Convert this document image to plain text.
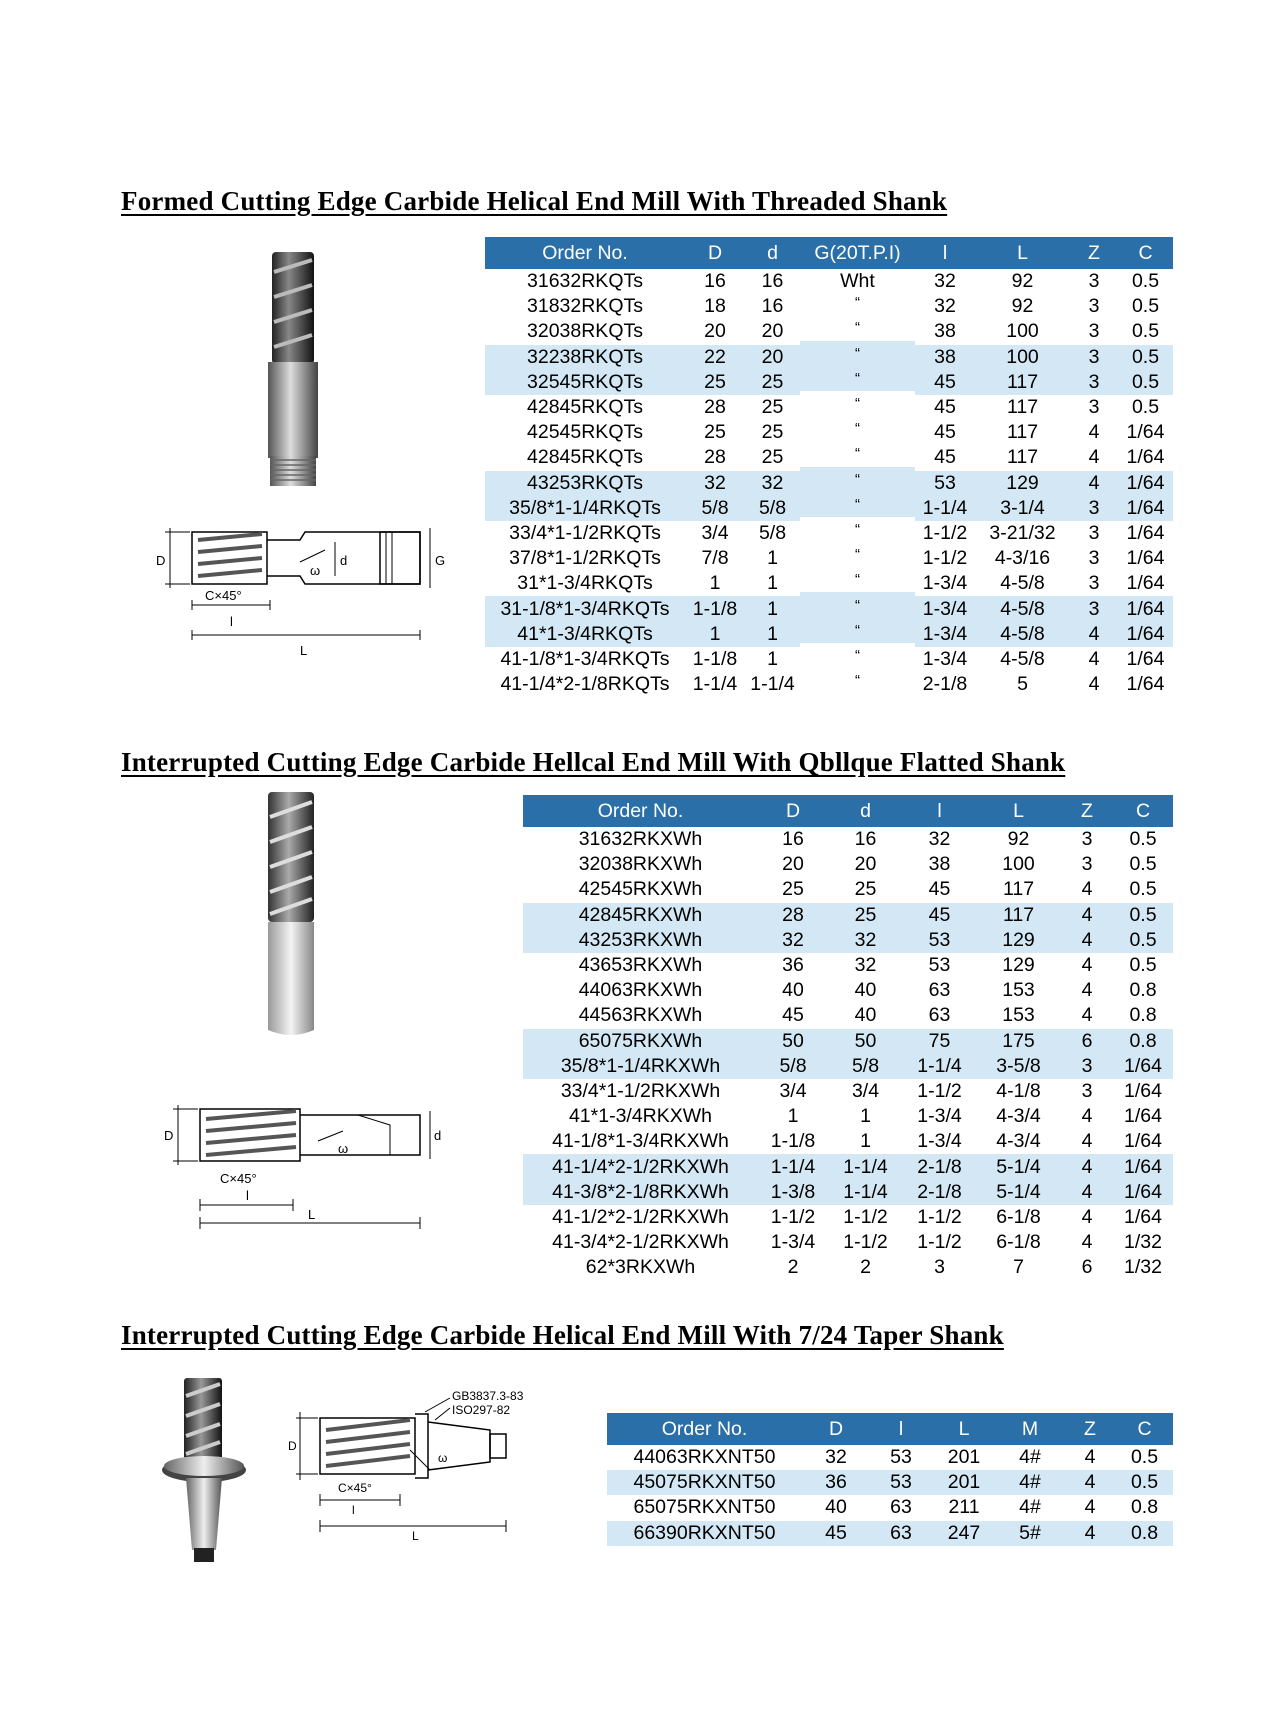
Formed Cutting Edge Carbide Helical End Mill With Threaded Shank
D	d	G
C×45°
l
L
ω
Order No.	D	d	G(20T.P.I)	l	L	Z	C
31632RKQTs	16	16	Wht	32	92	3	0.5
31832RKQTs	18	16	“	32	92	3	0.5
32038RKQTs	20	20	“	38	100	3	0.5
32238RKQTs	22	20	“	38	100	3	0.5
32545RKQTs	25	25	“	45	117	3	0.5
42845RKQTs	28	25	“	45	117	3	0.5
42545RKQTs	25	25	“	45	117	4	1/64
42845RKQTs	28	25	“	45	117	4	1/64
43253RKQTs	32	32	“	53	129	4	1/64
35/8*1-1/4RKQTs	5/8	5/8	“	1-1/4	3-1/4	3	1/64
33/4*1-1/2RKQTs	3/4	5/8	“	1-1/2	3-21/32	3	1/64
37/8*1-1/2RKQTs	7/8	1	“	1-1/2	4-3/16	3	1/64
31*1-3/4RKQTs	1	1	“	1-3/4	4-5/8	3	1/64
31-1/8*1-3/4RKQTs	1-1/8	1	“	1-3/4	4-5/8	3	1/64
41*1-3/4RKQTs	1	1	“	1-3/4	4-5/8	4	1/64
41-1/8*1-3/4RKQTs	1-1/8	1	“	1-3/4	4-5/8	4	1/64
41-1/4*2-1/8RKQTs	1-1/4	1-1/4	“	2-1/8	5	4	1/64
Interrupted Cutting Edge Carbide Hellcal End Mill With Qbllque Flatted Shank
D	d
C×45°
l
L
ω
Order No.	D	d	l	L	Z	C
31632RKXWh	16	16	32	92	3	0.5
32038RKXWh	20	20	38	100	3	0.5
42545RKXWh	25	25	45	117	4	0.5
42845RKXWh	28	25	45	117	4	0.5
43253RKXWh	32	32	53	129	4	0.5
43653RKXWh	36	32	53	129	4	0.5
44063RKXWh	40	40	63	153	4	0.8
44563RKXWh	45	40	63	153	4	0.8
65075RKXWh	50	50	75	175	6	0.8
35/8*1-1/4RKXWh	5/8	5/8	1-1/4	3-5/8	3	1/64
33/4*1-1/2RKXWh	3/4	3/4	1-1/2	4-1/8	3	1/64
41*1-3/4RKXWh	1	1	1-3/4	4-3/4	4	1/64
41-1/8*1-3/4RKXWh	1-1/8	1	1-3/4	4-3/4	4	1/64
41-1/4*2-1/2RKXWh	1-1/4	1-1/4	2-1/8	5-1/4	4	1/64
41-3/8*2-1/8RKXWh	1-3/8	1-1/4	2-1/8	5-1/4	4	1/64
41-1/2*2-1/2RKXWh	1-1/2	1-1/2	1-1/2	6-1/8	4	1/64
41-3/4*2-1/2RKXWh	1-3/4	1-1/2	1-1/2	6-1/8	4	1/32
62*3RKXWh	2	2	3	7	6	1/32
Interrupted Cutting Edge Carbide Helical End Mill With 7/24 Taper Shank
GB3837.3-83
ISO297-82
D
C×45°
l
L
ω
Order No.	D	l	L	M	Z	C
44063RKXNT50	32	53	201	4#	4	0.5
45075RKXNT50	36	53	201	4#	4	0.5
65075RKXNT50	40	63	211	4#	4	0.8
66390RKXNT50	45	63	247	5#	4	0.8
